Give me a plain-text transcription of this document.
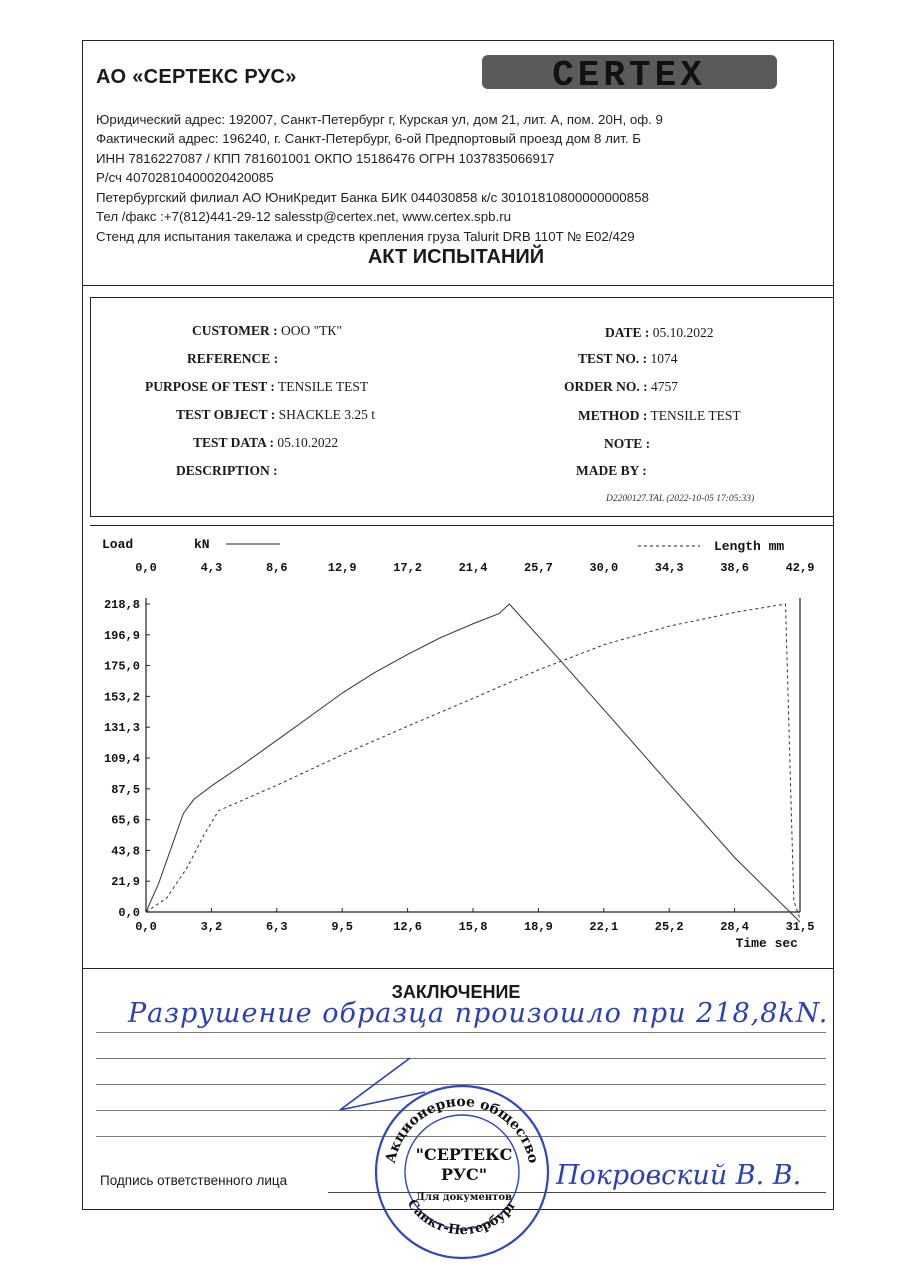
АО «СЕРТЕКС РУС»	CERTEX
Юридический адрес: 192007, Санкт-Петербург г, Курская ул, дом 21, лит. А, пом. 20Н, оф. 9
Фактический адрес: 196240, г. Санкт-Петербург, 6-ой Предпортовый проезд дом 8 лит. Б
ИНН 7816227087 / КПП 781601001 ОКПО 15186476 ОГРН 1037835066917
Р/сч 40702810400020420085
Петербургский филиал АО ЮниКредит Банка БИК 044030858 к/с 30101810800000000858
Тел /факс :+7(812)441-29-12 salesstp@certex.net, www.certex.spb.ru
Стенд для испытания такелажа и средств крепления груза Talurit DRB 110T № E02/429
АКТ ИСПЫТАНИЙ
CUSTOMER : ООО "ТК"
REFERENCE :
PURPOSE OF TEST : TENSILE TEST
TEST OBJECT : SHACKLE 3.25 t
TEST DATA : 05.10.2022
DESCRIPTION :
DATE : 05.10.2022
TEST NO. : 1074
ORDER NO. : 4757
METHOD : TENSILE TEST
NOTE :
MADE BY :
D2200127.TAL (2022-10-05 17:05:33)
Load	kN	Length mm
0,0	4,3	8,6	12,9	17,2	21,4	25,7	30,0	34,3	38,6	42,9
218,8
196,9
175,0
153,2
131,3
109,4
87,5
65,6
43,8
21,9
0,0
0,0	3,2	6,3	9,5	12,6	15,8	18,9	22,1	25,2	28,4	31,5
Time sec
ЗАКЛЮЧЕНИЕ
Разрушение образца произошло при 218,8kN.
Подпись ответственного лица	Покровский В. В.
Акционерное общество
Санкт-Петербург
"СЕРТЕКС
РУС"
Для документов
